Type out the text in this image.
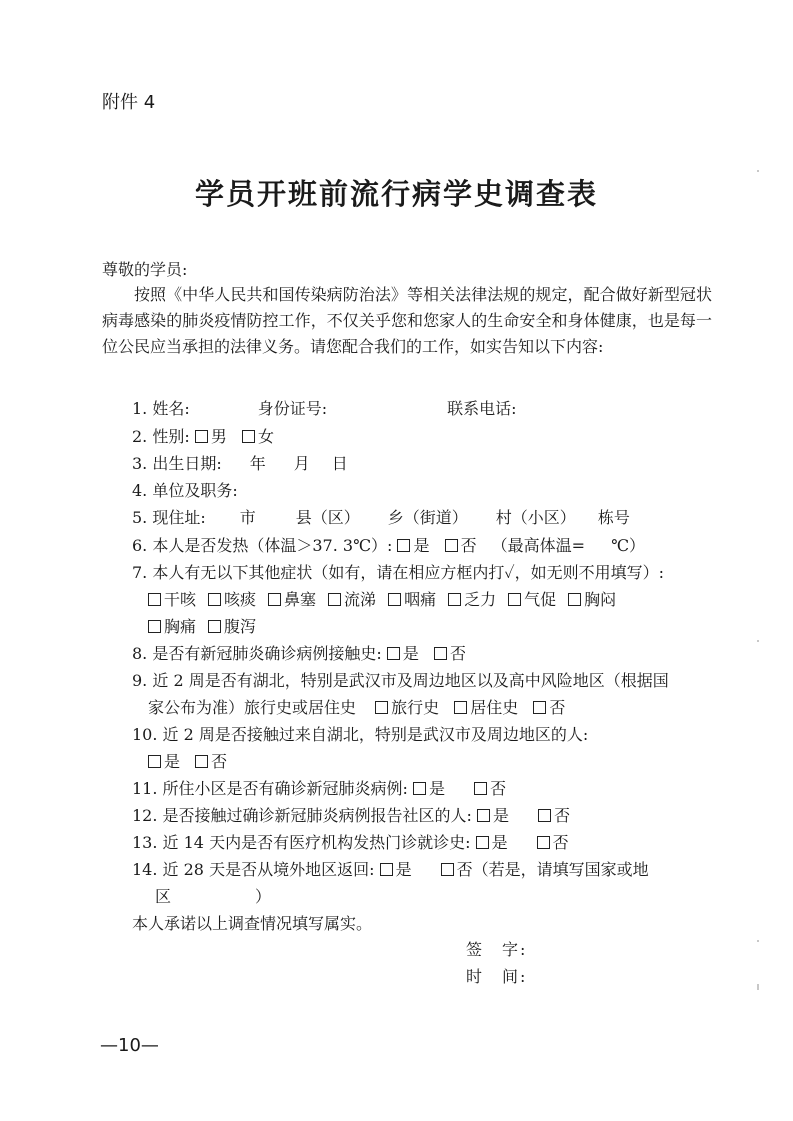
附件 4
学员开班前流行病学史调查表
尊敬的学员:
按照《中华人民共和国传染病防治法》等相关法律法规的规定，配合做好新型冠状病毒感染的肺炎疫情防控工作，不仅关乎您和您家人的生命安全和身体健康，也是每一位公民应当承担的法律义务。请您配合我们的工作，如实告知以下内容:
1. 姓名:	身份证号:	联系电话:
2. 性别: 男 女
3. 出生日期: 年 月 日
4. 单位及职务:
5. 现住址: 市	县（区） 乡（街道） 村（小区） 栋号
6. 本人是否发热（体温＞37. 3℃）: 是 否 （最高体温= ℃）
7. 本人有无以下其他症状（如有，请在相应方框内打✓，如无则不用填写）:
干咳 咳痰 鼻塞 流涕 咽痛 乏力 气促 胸闷
胸痛 腹泻
8. 是否有新冠肺炎确诊病例接触史: 是 否
9. 近 2 周是否有湖北，特别是武汉市及周边地区以及高中风险地区（根据国
家公布为准）旅行史或居住史 旅行史 居住史 否
10. 近 2 周是否接触过来自湖北，特别是武汉市及周边地区的人:
是 否
11. 所住小区是否有确诊新冠肺炎病例: 是	否
12. 是否接触过确诊新冠肺炎病例报告社区的人: 是	否
13. 近 14 天内是否有医疗机构发热门诊就诊史: 是	否
14. 近 28 天是否从境外地区返回: 是	否（若是，请填写国家或地
区	）
本人承诺以上调查情况填写属实。
签　字:
时　间:
—10—
